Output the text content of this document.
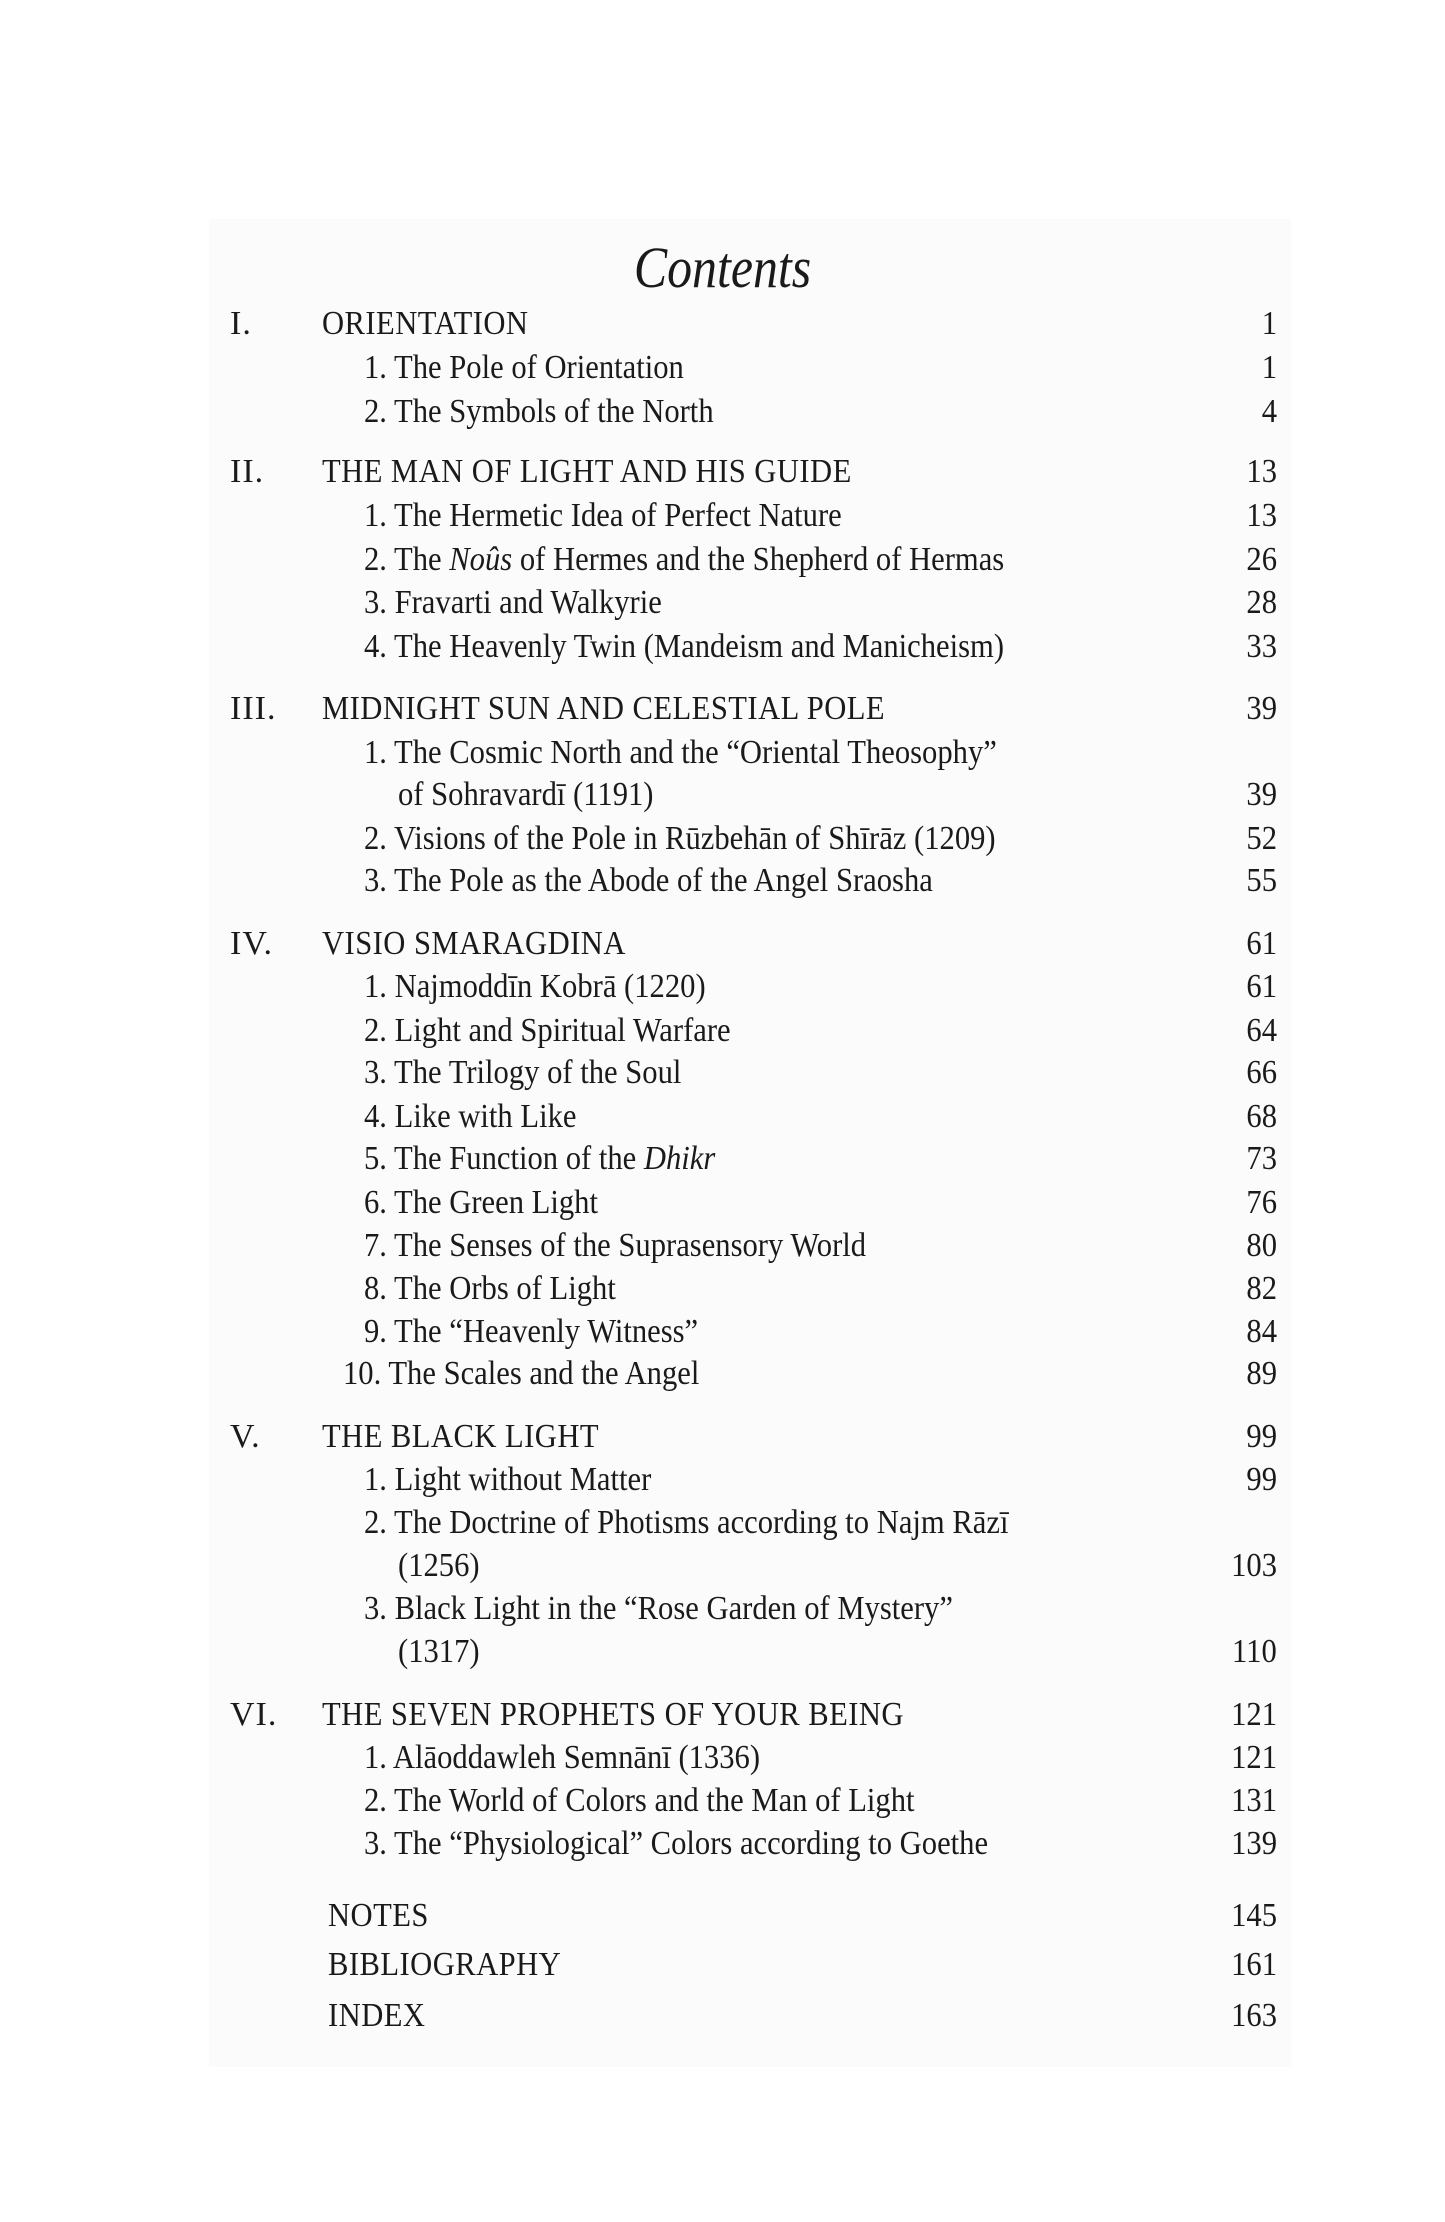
Contents
I. ORIENTATION	1
1. The Pole of Orientation	1
2. The Symbols of the North	4
II. THE MAN OF LIGHT AND HIS GUIDE	13
1. The Hermetic Idea of Perfect Nature	13
2. The Noûs of Hermes and the Shepherd of Hermas	26
3. Fravarti and Walkyrie	28
4. The Heavenly Twin (Mandeism and Manicheism)	33
III. MIDNIGHT SUN AND CELESTIAL POLE	39
1. The Cosmic North and the “Oriental Theosophy”
of Sohravardī (1191)	39
2. Visions of the Pole in Rūzbehān of Shīrāz (1209)	52
3. The Pole as the Abode of the Angel Sraosha	55
IV. VISIO SMARAGDINA	61
1. Najmoddīn Kobrā (1220)	61
2. Light and Spiritual Warfare	64
3. The Trilogy of the Soul	66
4. Like with Like	68
5. The Function of the Dhikr	73
6. The Green Light	76
7. The Senses of the Suprasensory World	80
8. The Orbs of Light	82
9. The “Heavenly Witness”	84
10. The Scales and the Angel	89
V. THE BLACK LIGHT	99
1. Light without Matter	99
2. The Doctrine of Photisms according to Najm Rāzī
(1256)	103
3. Black Light in the “Rose Garden of Mystery”
(1317)	110
VI. THE SEVEN PROPHETS OF YOUR BEING	121
1. Alāoddawleh Semnānī (1336)	121
2. The World of Colors and the Man of Light	131
3. The “Physiological” Colors according to Goethe	139
NOTES	145
BIBLIOGRAPHY	161
INDEX	163
